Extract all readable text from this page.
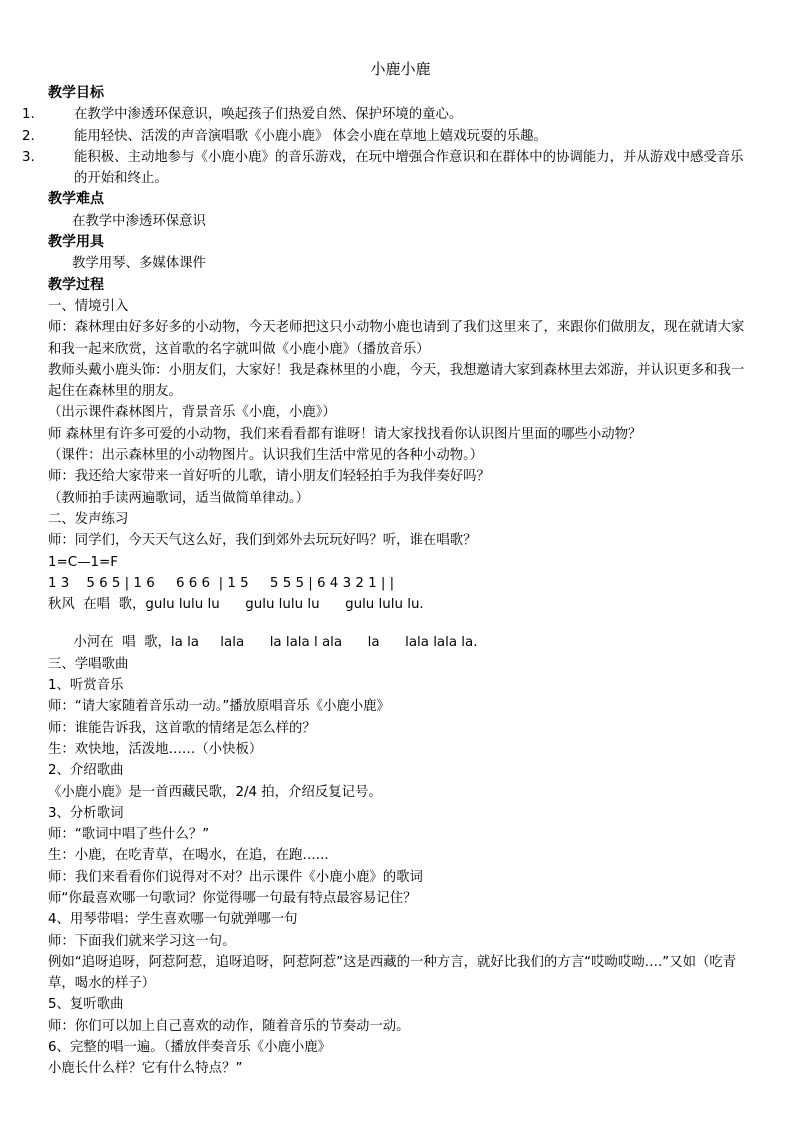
小鹿小鹿
教学目标
1.	在教学中渗透环保意识，唤起孩子们热爱自然、保护环境的童心。
2.	能用轻快、活泼的声音演唱歌《小鹿小鹿》 体会小鹿在草地上嬉戏玩耍的乐趣。
3.	能积极、主动地参与《小鹿小鹿》的音乐游戏，在玩中增强合作意识和在群体中的协调能力，并从游戏中感受音乐的开始和终止。
教学难点
在教学中渗透环保意识
教学用具
教学用琴、多媒体课件
教学过程
一、情境引入
师：森林理由好多好多的小动物，今天老师把这只小动物小鹿也请到了我们这里来了，来跟你们做朋友，现在就请大家和我一起来欣赏，这首歌的名字就叫做《小鹿小鹿》（播放音乐）
教师头戴小鹿头饰：小朋友们，大家好！我是森林里的小鹿，今天，我想邀请大家到森林里去郊游，并认识更多和我一起住在森林里的朋友。
（出示课件森林图片，背景音乐《小鹿，小鹿》）
师 森林里有许多可爱的小动物，我们来看看都有谁呀！请大家找找看你认识图片里面的哪些小动物？
（课件：出示森林里的小动物图片。认识我们生活中常见的各种小动物。）
师：我还给大家带来一首好听的儿歌，请小朋友们轻轻拍手为我伴奏好吗？
（教师拍手读两遍歌词，适当做简单律动。）
二、发声练习
师：同学们，今天天气这么好，我们到郊外去玩玩好吗？听，谁在唱歌？
1=C—1=F
1 3    5 6 5 | 1 6     6 6 6  | 1 5     5 5 5 | 6 4 3 2 1 | |
秋风  在唱  歌，gulu lulu lu      gulu lulu lu      gulu lulu lu.
小河在  唱  歌，la la     lala      la lala l ala      la      lala lala la.
三、学唱歌曲
1、听赏音乐
师：“请大家随着音乐动一动。”播放原唱音乐《小鹿小鹿》
师：谁能告诉我，这首歌的情绪是怎么样的？
生：欢快地，活泼地……（小快板）
2、介绍歌曲
《小鹿小鹿》是一首西藏民歌，2/4 拍，介绍反复记号。
3、分析歌词
师：“歌词中唱了些什么？”
生：小鹿，在吃青草，在喝水，在追，在跑…...
师：我们来看看你们说得对不对？出示课件《小鹿小鹿》的歌词
师“你最喜欢哪一句歌词？你觉得哪一句最有特点最容易记住？
4、用琴带唱：学生喜欢哪一句就弹哪一句
师：下面我们就来学习这一句。
例如“追呀追呀，阿惹阿惹，追呀追呀，阿惹阿惹”这是西藏的一种方言，就好比我们的方言“哎呦哎呦….”又如（吃青草，喝水的样子）
5、复听歌曲
师：你们可以加上自己喜欢的动作，随着音乐的节奏动一动。
6、完整的唱一遍。（播放伴奏音乐《小鹿小鹿》
小鹿长什么样？它有什么特点？”
